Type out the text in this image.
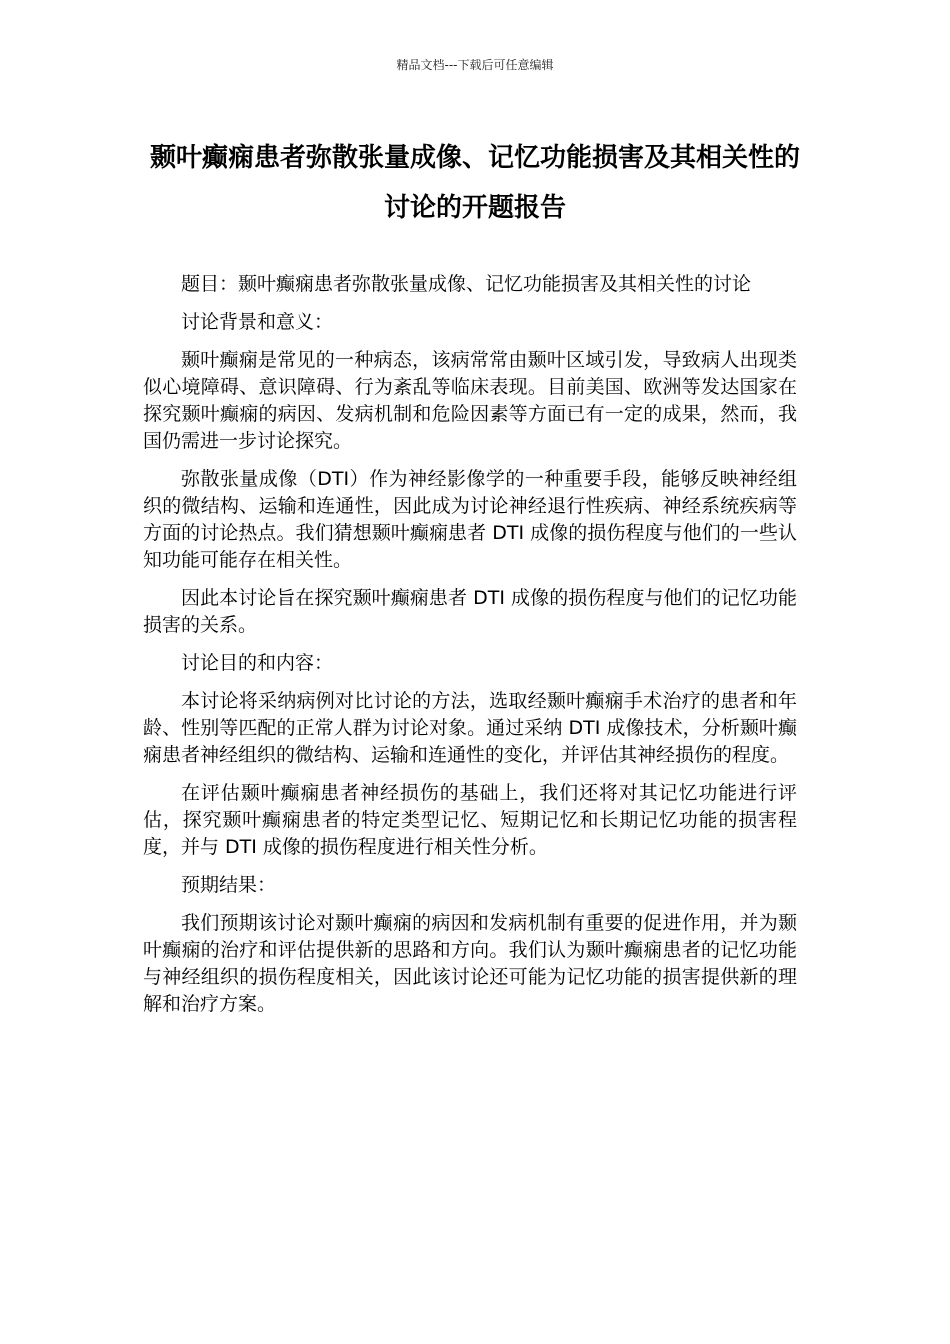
精品文档---下载后可任意编辑
颞叶癫痫患者弥散张量成像、记忆功能损害及其相关性的讨论的开题报告

题目：颞叶癫痫患者弥散张量成像、记忆功能损害及其相关性的讨论

讨论背景和意义：

颞叶癫痫是常见的一种病态，该病常常由颞叶区域引发，导致病人出现类似心境障碍、意识障碍、行为紊乱等临床表现。目前美国、欧洲等发达国家在探究颞叶癫痫的病因、发病机制和危险因素等方面已有一定的成果，然而，我国仍需进一步讨论探究。

弥散张量成像（DTI）作为神经影像学的一种重要手段，能够反映神经组织的微结构、运输和连通性，因此成为讨论神经退行性疾病、神经系统疾病等方面的讨论热点。我们猜想颞叶癫痫患者 DTI 成像的损伤程度与他们的一些认知功能可能存在相关性。

因此本讨论旨在探究颞叶癫痫患者 DTI 成像的损伤程度与他们的记忆功能损害的关系。

讨论目的和内容：

本讨论将采纳病例对比讨论的方法，选取经颞叶癫痫手术治疗的患者和年龄、性别等匹配的正常人群为讨论对象。通过采纳 DTI 成像技术，分析颞叶癫痫患者神经组织的微结构、运输和连通性的变化，并评估其神经损伤的程度。

在评估颞叶癫痫患者神经损伤的基础上，我们还将对其记忆功能进行评估，探究颞叶癫痫患者的特定类型记忆、短期记忆和长期记忆功能的损害程度，并与 DTI 成像的损伤程度进行相关性分析。

预期结果：

我们预期该讨论对颞叶癫痫的病因和发病机制有重要的促进作用，并为颞叶癫痫的治疗和评估提供新的思路和方向。我们认为颞叶癫痫患者的记忆功能与神经组织的损伤程度相关，因此该讨论还可能为记忆功能的损害提供新的理解和治疗方案。
